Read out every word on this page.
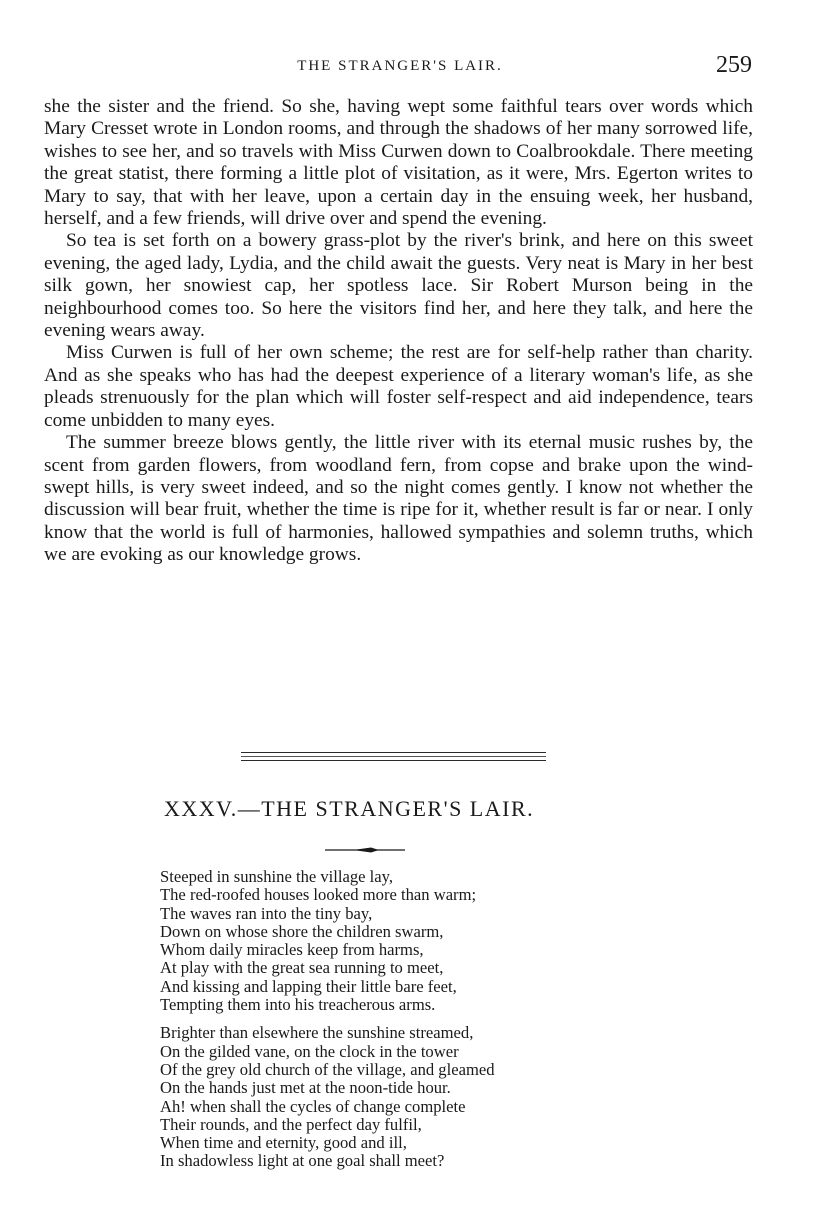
THE STRANGER'S LAIR.	259

she the sister and the friend. So she, having wept some faithful tears over words which Mary Cresset wrote in London rooms, and through the shadows of her many sorrowed life, wishes to see her, and so travels with Miss Curwen down to Coalbrookdale. There meeting the great statist, there forming a little plot of visitation, as it were, Mrs. Egerton writes to Mary to say, that with her leave, upon a certain day in the ensuing week, her husband, herself, and a few friends, will drive over and spend the evening.

So tea is set forth on a bowery grass-plot by the river's brink, and here on this sweet evening, the aged lady, Lydia, and the child await the guests. Very neat is Mary in her best silk gown, her snowiest cap, her spotless lace. Sir Robert Murson being in the neighbourhood comes too. So here the visitors find her, and here they talk, and here the evening wears away.

Miss Curwen is full of her own scheme; the rest are for self-help rather than charity. And as she speaks who has had the deepest experience of a literary woman's life, as she pleads strenuously for the plan which will foster self-respect and aid independence, tears come unbidden to many eyes.

The summer breeze blows gently, the little river with its eternal music rushes by, the scent from garden flowers, from woodland fern, from copse and brake upon the wind-swept hills, is very sweet indeed, and so the night comes gently. I know not whether the discussion will bear fruit, whether the time is ripe for it, whether result is far or near. I only know that the world is full of harmonies, hallowed sympathies and solemn truths, which we are evoking as our knowledge grows.

XXXV.—THE STRANGER'S LAIR.
Steeped in sunshine the village lay,
The red-roofed houses looked more than warm;
The waves ran into the tiny bay,
Down on whose shore the children swarm,
Whom daily miracles keep from harms,
At play with the great sea running to meet,
And kissing and lapping their little bare feet,
Tempting them into his treacherous arms.
Brighter than elsewhere the sunshine streamed,
On the gilded vane, on the clock in the tower
Of the grey old church of the village, and gleamed
On the hands just met at the noon-tide hour.
Ah! when shall the cycles of change complete
Their rounds, and the perfect day fulfil,
When time and eternity, good and ill,
In shadowless light at one goal shall meet?
